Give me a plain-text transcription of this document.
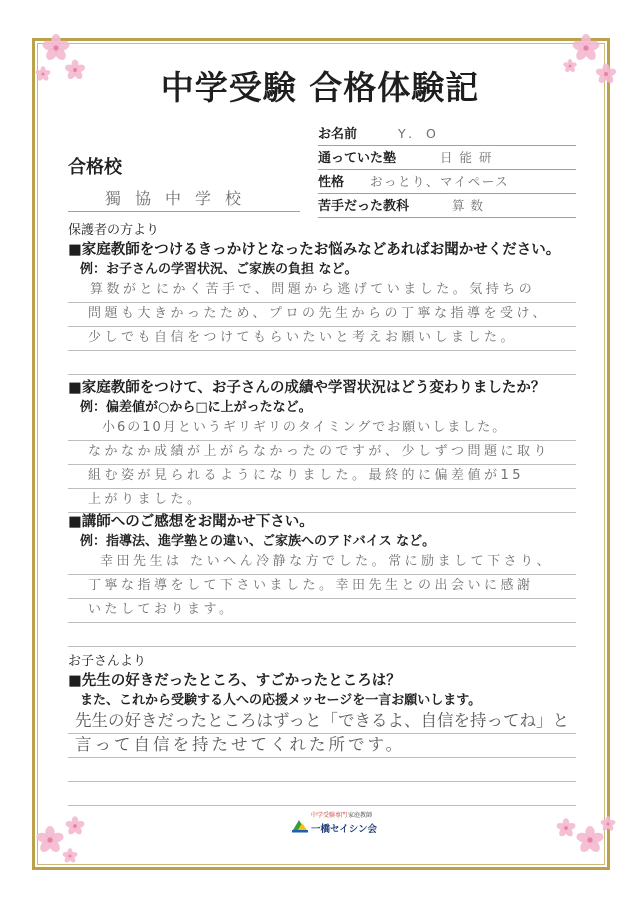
中学受験 合格体験記
お名前	Y. O
通っていた塾	日能研
性格 おっとり、マイペース
苦手だった教科	算数
合格校
獨協中学校
保護者の方より
■家庭教師をつけるきっかけとなったお悩みなどあればお聞かせください。
例：お子さんの学習状況、ご家族の負担 など。
算数がとにかく苦手で、問題から逃げていました。気持ちの
問題も大きかったため、プロの先生からの丁寧な指導を受け、
少しでも自信をつけてもらいたいと考えお願いしました。
■家庭教師をつけて、お子さんの成績や学習状況はどう変わりましたか？
例：偏差値が○から□に上がったなど。
小6の10月というギリギリのタイミングでお願いしました。
なかなか成績が上がらなかったのですが、少しずつ問題に取り
組む姿が見られるようになりました。最終的に偏差値が15
上がりました。
■講師へのご感想をお聞かせ下さい。
例：指導法、進学塾との違い、ご家族へのアドバイス など。
幸田先生は たいへん冷静な方でした。常に励まして下さり、
丁寧な指導をして下さいました。幸田先生との出会いに感謝
いたしております。
お子さんより
■先生の好きだったところ、すごかったところは？
また、これから受験する人への応援メッセージを一言お願いします。
先生の好きだったところはずっと「できるよ、自信を持ってね」と
言って自信を持たせてくれた所です。
中学受験専門 家庭教師
一橋セイシン会
